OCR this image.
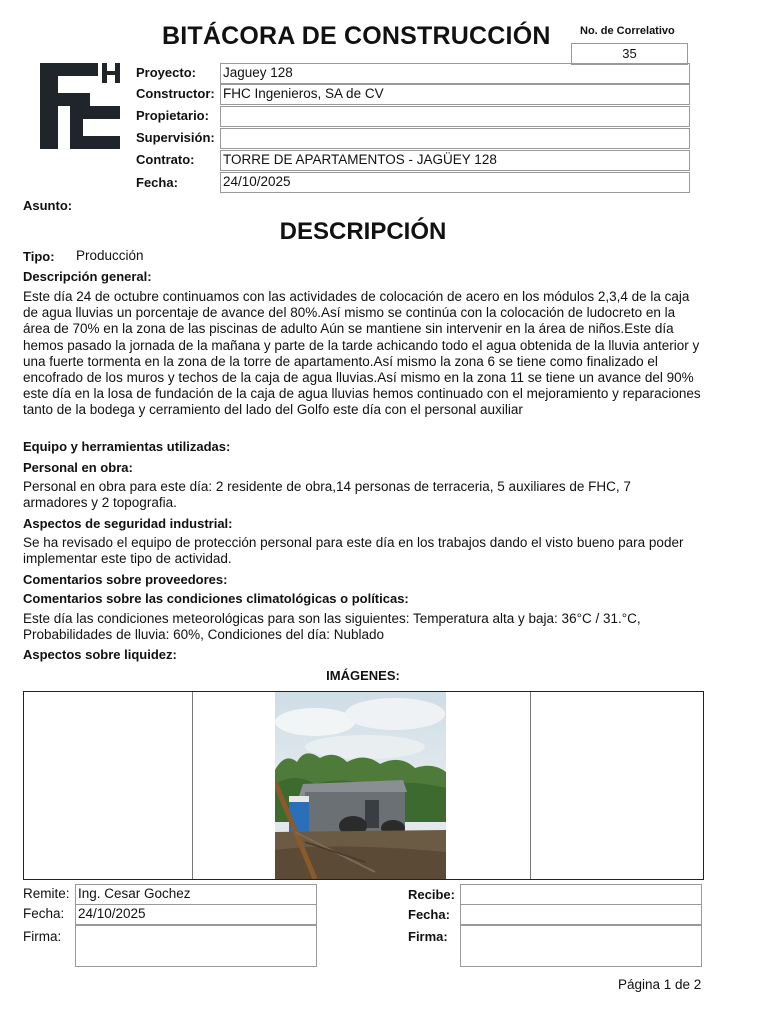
BITÁCORA DE CONSTRUCCIÓN	No. de Correlativo
35
Proyecto: Jaguey 128
Constructor: FHC Ingenieros, SA de CV
Propietario:
Supervisión:
Contrato: TORRE DE APARTAMENTOS - JAGÜEY 128
Fecha:	24/10/2025
Asunto:
DESCRIPCIÓN
Tipo: Producción
Descripción general:
Este día 24 de octubre continuamos con las actividades de colocación de acero en los módulos 2,3,4 de la caja de agua lluvias un porcentaje de avance del 80%.Así mismo se continúa con la colocación de ludocreto en la área de 70% en la zona de las piscinas de adulto Aún se mantiene sin intervenir en la área de niños.Este día hemos pasado la jornada de la mañana y parte de la tarde achicando todo el agua obtenida de la lluvia anterior y una fuerte tormenta en la zona de la torre de apartamento.Así mismo la zona 6 se tiene como finalizado el encofrado de los muros y techos de la caja de agua lluvias.Así mismo en la zona 11 se tiene un avance del 90% este día en la losa de fundación de la caja de agua lluvias hemos continuado con el mejoramiento y reparaciones tanto de la bodega y cerramiento del lado del Golfo este día con el personal auxiliar
Equipo y herramientas utilizadas:
Personal en obra:
Personal en obra para este día: 2 residente de obra,14 personas de terraceria, 5 auxiliares de FHC, 7 armadores y 2 topografia.
Aspectos de seguridad industrial:
Se ha revisado el equipo de protección personal para este día en los trabajos dando el visto bueno para poder implementar este tipo de actividad.
Comentarios sobre proveedores:
Comentarios sobre las condiciones climatológicas o políticas:
Este día las condiciones meteorológicas para son las siguientes: Temperatura alta y baja: 36°C / 31.°C, Probabilidades de lluvia: 60%, Condiciones del día: Nublado
Aspectos sobre liquidez:
IMÁGENES:
Remite: Ing. Cesar Gochez
Fecha: 24/10/2025
Firma:
Recibe:
Fecha:
Firma:
Página 1 de 2
